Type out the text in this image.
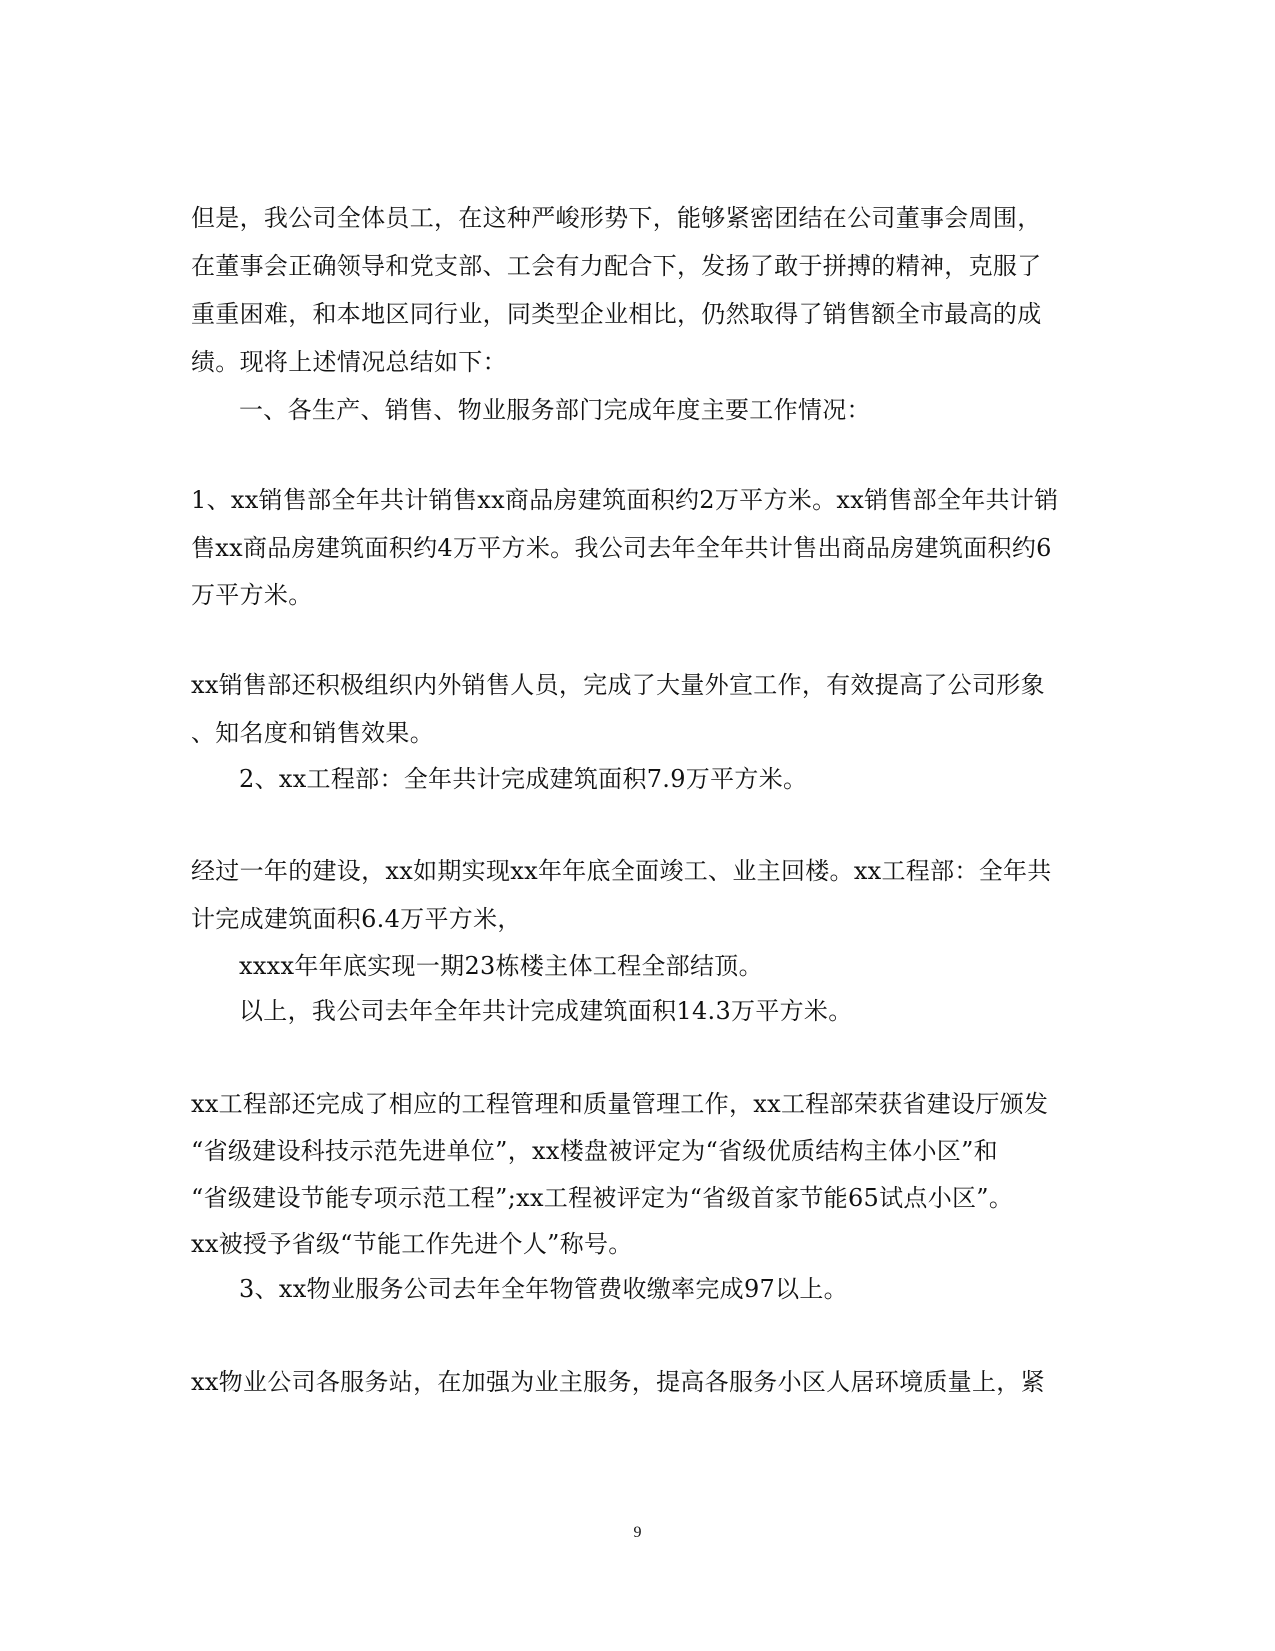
但是，我公司全体员工，在这种严峻形势下，能够紧密团结在公司董事会周围，
在董事会正确领导和党支部、工会有力配合下，发扬了敢于拼搏的精神，克服了
重重困难，和本地区同行业，同类型企业相比，仍然取得了销售额全市最高的成
绩。现将上述情况总结如下：
一、各生产、销售、物业服务部门完成年度主要工作情况：
1、xx销售部全年共计销售xx商品房建筑面积约2万平方米。xx销售部全年共计销
售xx商品房建筑面积约4万平方米。我公司去年全年共计售出商品房建筑面积约6
万平方米。
xx销售部还积极组织内外销售人员，完成了大量外宣工作，有效提高了公司形象
、知名度和销售效果。
2、xx工程部：全年共计完成建筑面积7.9万平方米。
经过一年的建设，xx如期实现xx年年底全面竣工、业主回楼。xx工程部：全年共
计完成建筑面积6.4万平方米，
xxxx年年底实现一期23栋楼主体工程全部结顶。
以上，我公司去年全年共计完成建筑面积14.3万平方米。
xx工程部还完成了相应的工程管理和质量管理工作，xx工程部荣获省建设厅颁发
“省级建设科技示范先进单位”，xx楼盘被评定为“省级优质结构主体小区”和
“省级建设节能专项示范工程”;xx工程被评定为“省级首家节能65试点小区”。
xx被授予省级“节能工作先进个人”称号。
3、xx物业服务公司去年全年物管费收缴率完成97以上。
xx物业公司各服务站，在加强为业主服务，提高各服务小区人居环境质量上，紧
9
